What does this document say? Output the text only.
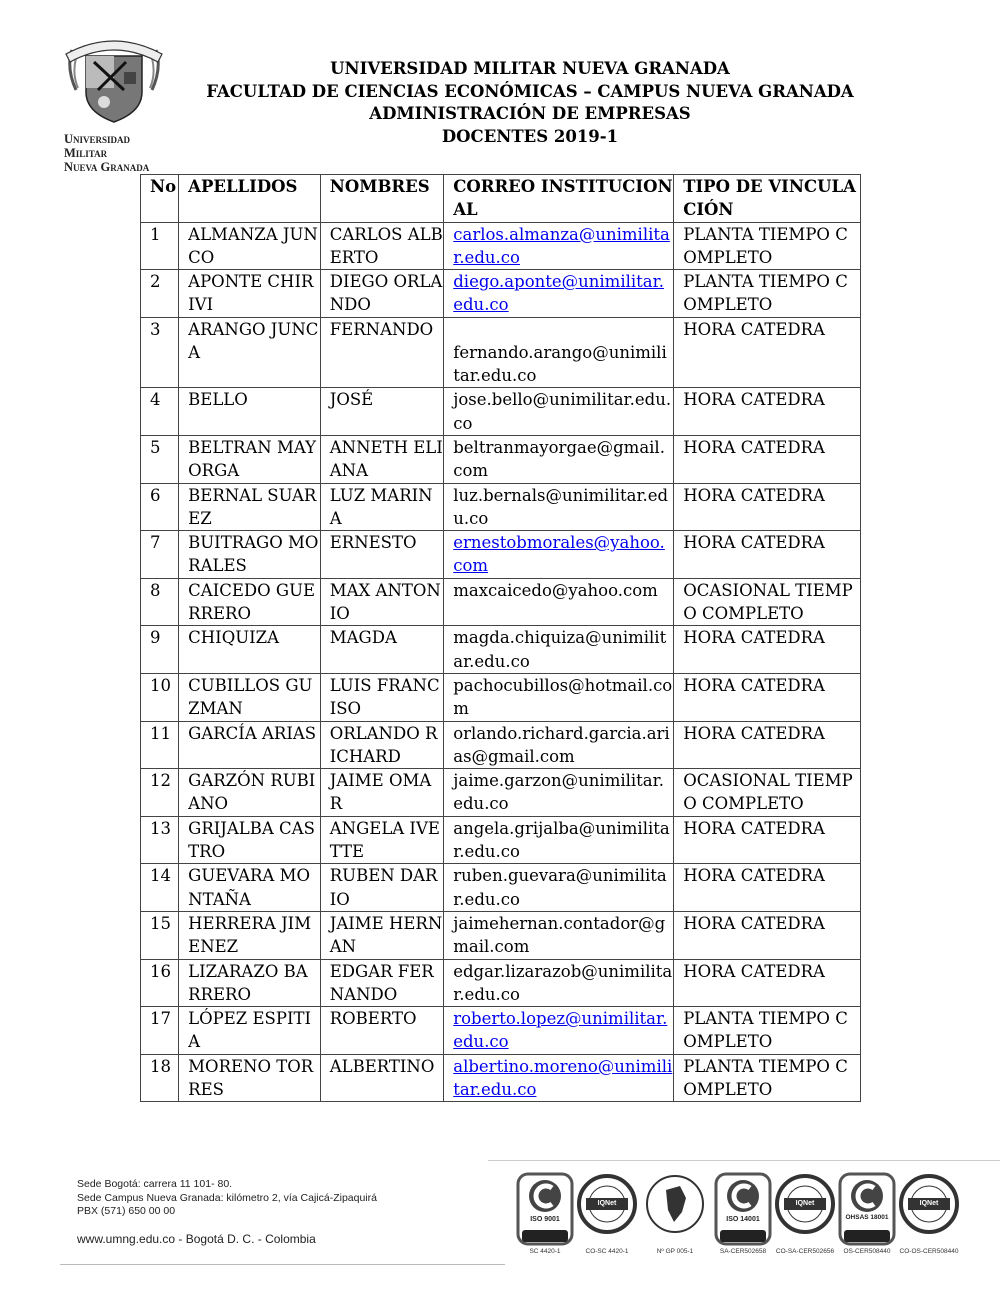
Universidad Militar
Nueva Granada
UNIVERSIDAD MILITAR NUEVA GRANADA
FACULTAD DE CIENCIAS ECONÓMICAS – CAMPUS NUEVA GRANADA
ADMINISTRACIÓN DE EMPRESAS
DOCENTES 2019-1
No	APELLIDOS	NOMBRES	CORREO INSTITUCIONAL	TIPO DE VINCULACIÓN
1	ALMANZA JUNCO	CARLOS ALBERTO	carlos.almanza@unimilitar.edu.co	PLANTA TIEMPO COMPLETO
2	APONTE CHIRIVI	DIEGO ORLANDO	diego.aponte@unimilitar.edu.co	PLANTA TIEMPO COMPLETO
3	ARANGO JUNCA	FERNANDO	fernando.arango@unimilitar.edu.co	HORA CATEDRA
4	BELLO	JOSÉ	jose.bello@unimilitar.edu.co	HORA CATEDRA
5	BELTRAN MAYORGA	ANNETH ELIANA	beltranmayorgae@gmail.com	HORA CATEDRA
6	BERNAL SUAREZ	LUZ MARINA	luz.bernals@unimilitar.edu.co	HORA CATEDRA
7	BUITRAGO MORALES	ERNESTO	ernestobmorales@yahoo.com	HORA CATEDRA
8	CAICEDO GUERRERO	MAX ANTONIO	maxcaicedo@yahoo.com	OCASIONAL TIEMPO COMPLETO
9	CHIQUIZA	MAGDA	magda.chiquiza@unimilitar.edu.co	HORA CATEDRA
10	CUBILLOS GUZMAN	LUIS FRANCISO	pachocubillos@hotmail.com	HORA CATEDRA
11	GARCÍA ARIAS	ORLANDO RICHARD	orlando.richard.garcia.arias@gmail.com	HORA CATEDRA
12	GARZÓN RUBIANO	JAIME OMAR	jaime.garzon@unimilitar.edu.co	OCASIONAL TIEMPO COMPLETO
13	GRIJALBA CASTRO	ANGELA IVETTE	angela.grijalba@unimilitar.edu.co	HORA CATEDRA
14	GUEVARA MONTAÑA	RUBEN DARIO	ruben.guevara@unimilitar.edu.co	HORA CATEDRA
15	HERRERA JIMENEZ	JAIME HERNAN	jaimehernan.contador@gmail.com	HORA CATEDRA
16	LIZARAZO BARRERO	EDGAR FERNANDO	edgar.lizarazob@unimilitar.edu.co	HORA CATEDRA
17	LÓPEZ ESPITIA	ROBERTO	roberto.lopez@unimilitar.edu.co	PLANTA TIEMPO COMPLETO
18	MORENO TORRES	ALBERTINO	albertino.moreno@unimilitar.edu.co	PLANTA TIEMPO COMPLETO
Sede Bogotá: carrera 11 101- 80.
Sede Campus Nueva Granada: kilómetro 2, vía Cajicá-Zipaquirá
PBX (571) 650 00 00
www.umng.edu.co - Bogotá D. C. - Colombia
ISO 9001
SC 4420-1
IQNet
CO-SC 4420-1	Nº GP 005-1
ISO 14001
SA-CER502658
IQNet
CO-SA-CER502656
OHSAS 18001
OS-CER508440
IQNet
CO-OS-CER508440
